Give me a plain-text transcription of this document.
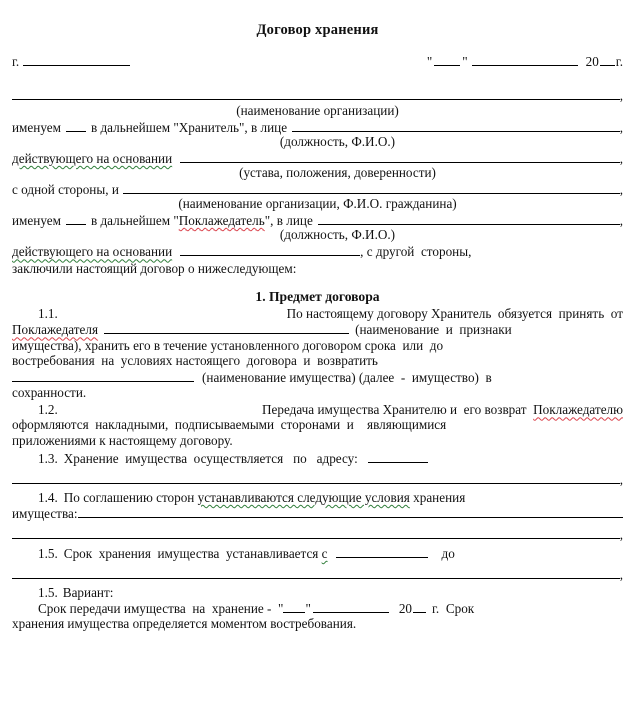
Договор хранения
г.	" "	20 г.
,
(наименование организации)
именуем в дальнейшем "Хранитель", в лице	,
(должность, Ф.И.О.)
действующего на основании	,
(устава, положения, доверенности)
с одной стороны, и	,
(наименование организации, Ф.И.О. гражданина)
именуем в дальнейшем " Поклажедатель ", в лице	,
(должность, Ф.И.О.)
действующего на основании	, с другой  стороны,
заключили настоящий договор о нижеследующем:
1. Предмет договора
1.1.	По настоящему договору Хранитель  обязуется  принять  от
Поклажедателя	(наименование  и  признаки
имущества), хранить его в течение установленного договором срока  или  до
востребования  на  условиях настоящего  договора  и  возвратить
(наименование имущества) (далее  -  имущество)  в
сохранности.
1.2.	Передача имущества Хранителю и  его возврат  Поклажедателю
оформляются  накладными,  подписываемыми  сторонами  и    являющимися
приложениями к настоящему договору.
1.3. Хранение  имущества  осуществляется   по   адресу:
,
1.4. По соглашению сторон устанавливаются следующие условия хранения
имущества:
,
1.5. Срок  хранения  имущества  устанавливается с	до
,
1.5. Вариант:
Срок передачи имущества  на  хранение -  " "	20 г.  Срок
хранения имущества определяется моментом востребования.
